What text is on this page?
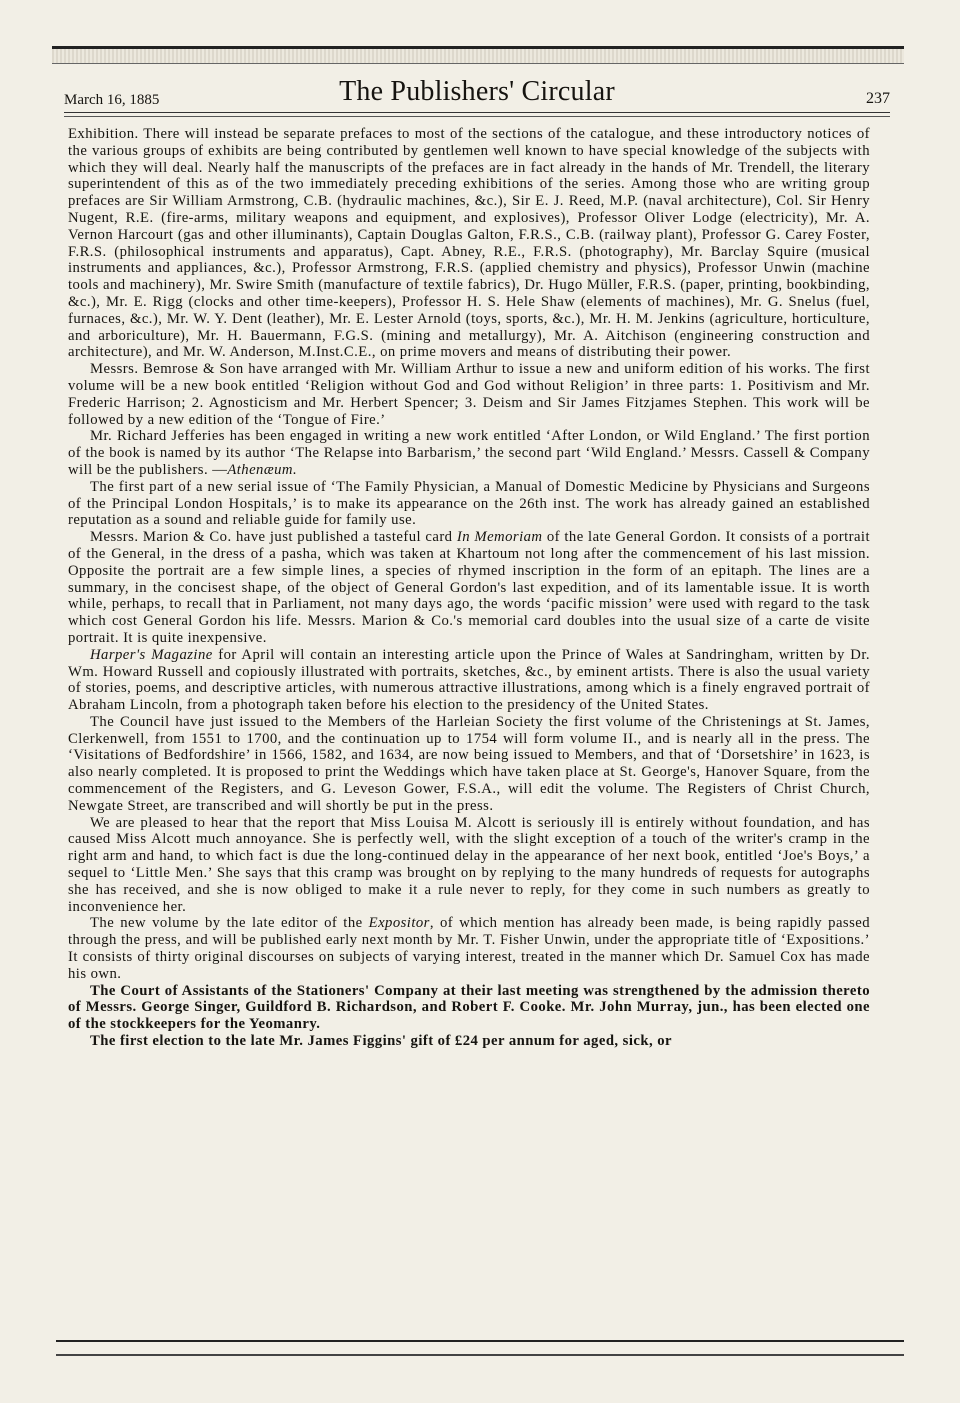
March 16, 1885	The Publishers' Circular	237

Exhibition. There will instead be separate prefaces to most of the sections of the catalogue, and these introductory notices of the various groups of exhibits are being contributed by gentlemen well known to have special knowledge of the subjects with which they will deal. Nearly half the manuscripts of the prefaces are in fact already in the hands of Mr. Trendell, the literary superintendent of this as of the two immediately preceding exhibitions of the series. Among those who are writing group prefaces are Sir William Armstrong, C.B. (hydraulic machines, &c.), Sir E. J. Reed, M.P. (naval architecture), Col. Sir Henry Nugent, R.E. (fire-arms, military weapons and equipment, and explosives), Professor Oliver Lodge (electricity), Mr. A. Vernon Harcourt (gas and other illuminants), Captain Douglas Galton, F.R.S., C.B. (railway plant), Professor G. Carey Foster, F.R.S. (philosophical instruments and apparatus), Capt. Abney, R.E., F.R.S. (photography), Mr. Barclay Squire (musical instruments and appliances, &c.), Professor Armstrong, F.R.S. (applied chemistry and physics), Professor Unwin (machine tools and machinery), Mr. Swire Smith (manufacture of textile fabrics), Dr. Hugo Müller, F.R.S. (paper, printing, bookbinding, &c.), Mr. E. Rigg (clocks and other time-keepers), Professor H. S. Hele Shaw (elements of machines), Mr. G. Snelus (fuel, furnaces, &c.), Mr. W. Y. Dent (leather), Mr. E. Lester Arnold (toys, sports, &c.), Mr. H. M. Jenkins (agriculture, horticulture, and arboriculture), Mr. H. Bauermann, F.G.S. (mining and metallurgy), Mr. A. Aitchison (engineering construction and architecture), and Mr. W. Anderson, M.Inst.C.E., on prime movers and means of distributing their power.

Messrs. Bemrose & Son have arranged with Mr. William Arthur to issue a new and uniform edition of his works. The first volume will be a new book entitled ‘Religion without God and God without Religion’ in three parts: 1. Positivism and Mr. Frederic Harrison; 2. Agnosticism and Mr. Herbert Spencer; 3. Deism and Sir James Fitzjames Stephen. This work will be followed by a new edition of the ‘Tongue of Fire.’

Mr. Richard Jefferies has been engaged in writing a new work entitled ‘After London, or Wild England.’ The first portion of the book is named by its author ‘The Relapse into Barbarism,’ the second part ‘Wild England.’ Messrs. Cassell & Company will be the publishers. —Athenæum.

The first part of a new serial issue of ‘The Family Physician, a Manual of Domestic Medicine by Physicians and Surgeons of the Principal London Hospitals,’ is to make its appearance on the 26th inst. The work has already gained an established reputation as a sound and reliable guide for family use.

Messrs. Marion & Co. have just published a tasteful card In Memoriam of the late General Gordon. It consists of a portrait of the General, in the dress of a pasha, which was taken at Khartoum not long after the commencement of his last mission. Opposite the portrait are a few simple lines, a species of rhymed inscription in the form of an epitaph. The lines are a summary, in the concisest shape, of the object of General Gordon's last expedition, and of its lamentable issue. It is worth while, perhaps, to recall that in Parliament, not many days ago, the words ‘pacific mission’ were used with regard to the task which cost General Gordon his life. Messrs. Marion & Co.'s memorial card doubles into the usual size of a carte de visite portrait. It is quite inexpensive.

Harper's Magazine for April will contain an interesting article upon the Prince of Wales at Sandringham, written by Dr. Wm. Howard Russell and copiously illustrated with portraits, sketches, &c., by eminent artists. There is also the usual variety of stories, poems, and descriptive articles, with numerous attractive illustrations, among which is a finely engraved portrait of Abraham Lincoln, from a photograph taken before his election to the presidency of the United States.

The Council have just issued to the Members of the Harleian Society the first volume of the Christenings at St. James, Clerkenwell, from 1551 to 1700, and the continuation up to 1754 will form volume II., and is nearly all in the press. The ‘Visitations of Bedfordshire’ in 1566, 1582, and 1634, are now being issued to Members, and that of ‘Dorsetshire’ in 1623, is also nearly completed. It is proposed to print the Weddings which have taken place at St. George's, Hanover Square, from the commencement of the Registers, and G. Leveson Gower, F.S.A., will edit the volume. The Registers of Christ Church, Newgate Street, are transcribed and will shortly be put in the press.

We are pleased to hear that the report that Miss Louisa M. Alcott is seriously ill is entirely without foundation, and has caused Miss Alcott much annoyance. She is perfectly well, with the slight exception of a touch of the writer's cramp in the right arm and hand, to which fact is due the long-continued delay in the appearance of her next book, entitled ‘Joe's Boys,’ a sequel to ‘Little Men.’ She says that this cramp was brought on by replying to the many hundreds of requests for autographs she has received, and she is now obliged to make it a rule never to reply, for they come in such numbers as greatly to inconvenience her.

The new volume by the late editor of the Expositor, of which mention has already been made, is being rapidly passed through the press, and will be published early next month by Mr. T. Fisher Unwin, under the appropriate title of ‘Expositions.’ It consists of thirty original discourses on subjects of varying interest, treated in the manner which Dr. Samuel Cox has made his own.

The Court of Assistants of the Stationers' Company at their last meeting was strengthened by the admission thereto of Messrs. George Singer, Guildford B. Richardson, and Robert F. Cooke. Mr. John Murray, jun., has been elected one of the stockkeepers for the Yeomanry.

The first election to the late Mr. James Figgins' gift of £24 per annum for aged, sick, or
